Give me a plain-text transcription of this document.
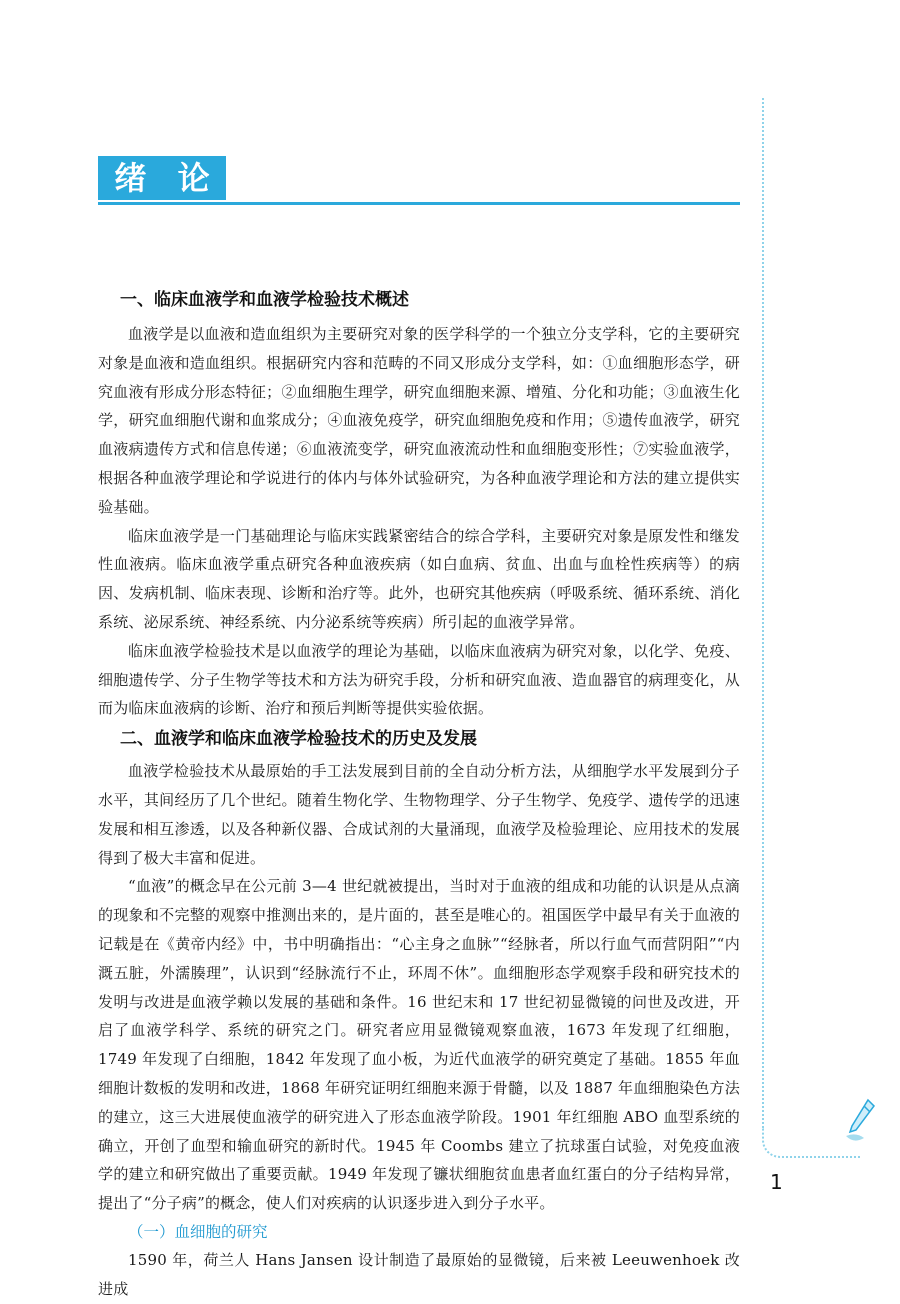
绪 论
一、临床血液学和血液学检验技术概述

血液学是以血液和造血组织为主要研究对象的医学科学的一个独立分支学科，它的主要研究对象是血液和造血组织。根据研究内容和范畴的不同又形成分支学科，如：①血细胞形态学，研究血液有形成分形态特征；②血细胞生理学，研究血细胞来源、增殖、分化和功能；③血液生化学，研究血细胞代谢和血浆成分；④血液免疫学，研究血细胞免疫和作用；⑤遗传血液学，研究血液病遗传方式和信息传递；⑥血液流变学，研究血液流动性和血细胞变形性；⑦实验血液学，根据各种血液学理论和学说进行的体内与体外试验研究，为各种血液学理论和方法的建立提供实验基础。

临床血液学是一门基础理论与临床实践紧密结合的综合学科，主要研究对象是原发性和继发性血液病。临床血液学重点研究各种血液疾病（如白血病、贫血、出血与血栓性疾病等）的病因、发病机制、临床表现、诊断和治疗等。此外，也研究其他疾病（呼吸系统、循环系统、消化系统、泌尿系统、神经系统、内分泌系统等疾病）所引起的血液学异常。

临床血液学检验技术是以血液学的理论为基础，以临床血液病为研究对象，以化学、免疫、细胞遗传学、分子生物学等技术和方法为研究手段，分析和研究血液、造血器官的病理变化，从而为临床血液病的诊断、治疗和预后判断等提供实验依据。

二、血液学和临床血液学检验技术的历史及发展

血液学检验技术从最原始的手工法发展到目前的全自动分析方法，从细胞学水平发展到分子水平，其间经历了几个世纪。随着生物化学、生物物理学、分子生物学、免疫学、遗传学的迅速发展和相互渗透，以及各种新仪器、合成试剂的大量涌现，血液学及检验理论、应用技术的发展得到了极大丰富和促进。

“血液”的概念早在公元前 3—4 世纪就被提出，当时对于血液的组成和功能的认识是从点滴的现象和不完整的观察中推测出来的，是片面的，甚至是唯心的。祖国医学中最早有关于血液的记载是在《黄帝内经》中，书中明确指出：“心主身之血脉”“经脉者，所以行血气而营阴阳”“内溉五脏，外濡腠理”，认识到“经脉流行不止，环周不休”。血细胞形态学观察手段和研究技术的发明与改进是血液学赖以发展的基础和条件。16 世纪末和 17 世纪初显微镜的问世及改进，开启了血液学科学、系统的研究之门。研究者应用显微镜观察血液，1673 年发现了红细胞，1749 年发现了白细胞，1842 年发现了血小板，为近代血液学的研究奠定了基础。1855 年血细胞计数板的发明和改进，1868 年研究证明红细胞来源于骨髓，以及 1887 年血细胞染色方法的建立，这三大进展使血液学的研究进入了形态血液学阶段。1901 年红细胞 ABO 血型系统的确立，开创了血型和输血研究的新时代。1945 年 Coombs 建立了抗球蛋白试验，对免疫血液学的建立和研究做出了重要贡献。1949 年发现了镰状细胞贫血患者血红蛋白的分子结构异常，提出了“分子病”的概念，使人们对疾病的认识逐步进入到分子水平。

（一）血细胞的研究

1590 年，荷兰人 Hans Jansen 设计制造了最原始的显微镜，后来被 Leeuwenhoek 改进成

1
